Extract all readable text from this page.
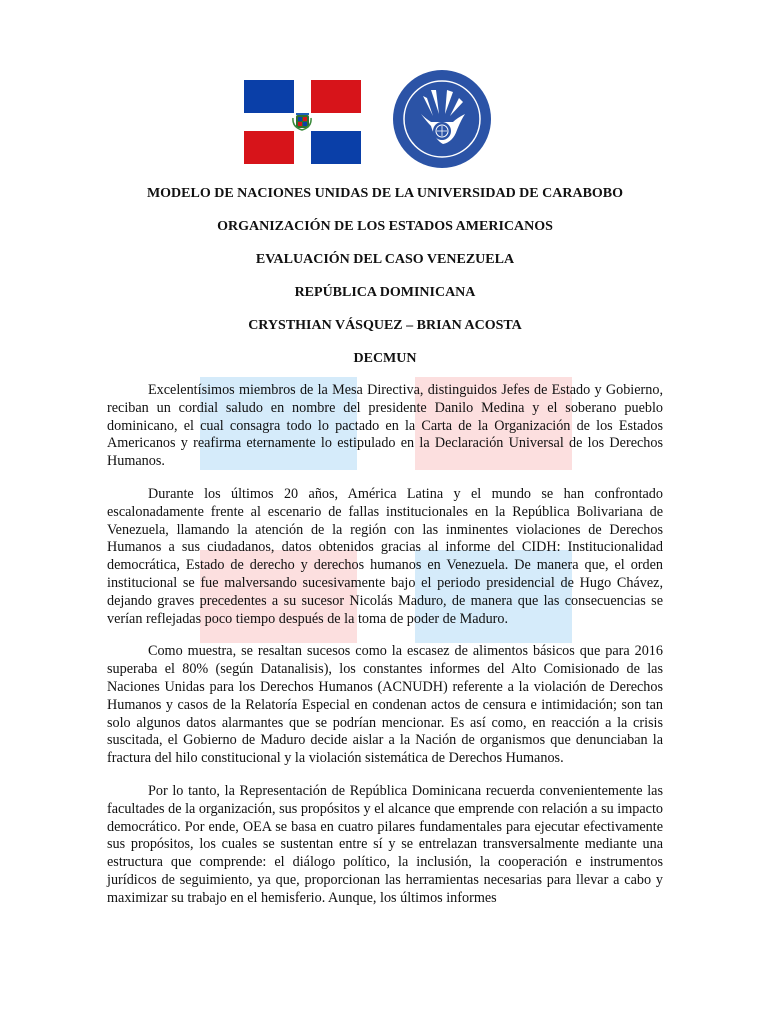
MODELO DE NACIONES UNIDAS DE LA UNIVERSIDAD DE CARABOBO
ORGANIZACIÓN DE LOS ESTADOS AMERICANOS
EVALUACIÓN DEL CASO VENEZUELA
REPÚBLICA DOMINICANA
CRYSTHIAN VÁSQUEZ – BRIAN ACOSTA
DECMUN

Excelentísimos miembros de la Mesa Directiva, distinguidos Jefes de Estado y Gobierno, reciban un cordial saludo en nombre del presidente Danilo Medina y el soberano pueblo dominicano, el cual consagra todo lo pactado en la Carta de la Organización de los Estados Americanos y reafirma eternamente lo estipulado en la Declaración Universal de los Derechos Humanos.

Durante los últimos 20 años, América Latina y el mundo se han confrontado escalonadamente frente al escenario de fallas institucionales en la República Bolivariana de Venezuela, llamando la atención de la región con las inminentes violaciones de Derechos Humanos a sus ciudadanos, datos obtenidos gracias al informe del CIDH: Institucionalidad democrática, Estado de derecho y derechos humanos en Venezuela. De manera que, el orden institucional se fue malversando sucesivamente bajo el periodo presidencial de Hugo Chávez, dejando graves precedentes a su sucesor Nicolás Maduro, de manera que las consecuencias se verían reflejadas poco tiempo después de la toma de poder de Maduro.

Como muestra, se resaltan sucesos como la escasez de alimentos básicos que para 2016 superaba el 80% (según Datanalisis), los constantes informes del Alto Comisionado de las Naciones Unidas para los Derechos Humanos (ACNUDH) referente a la violación de Derechos Humanos y casos de la Relatoría Especial en condenan actos de censura e intimidación; son tan solo algunos datos alarmantes que se podrían mencionar. Es así como, en reacción a la crisis suscitada, el Gobierno de Maduro decide aislar a la Nación de organismos que denunciaban la fractura del hilo constitucional y la violación sistemática de Derechos Humanos.

Por lo tanto, la Representación de República Dominicana recuerda convenientemente las facultades de la organización, sus propósitos y el alcance que emprende con relación a su impacto democrático. Por ende, OEA se basa en cuatro pilares fundamentales para ejecutar efectivamente sus propósitos, los cuales se sustentan entre sí y se entrelazan transversalmente mediante una estructura que comprende: el diálogo político, la inclusión, la cooperación e instrumentos jurídicos de seguimiento, ya que, proporcionan las herramientas necesarias para llevar a cabo y maximizar su trabajo en el hemisferio. Aunque, los últimos informes
